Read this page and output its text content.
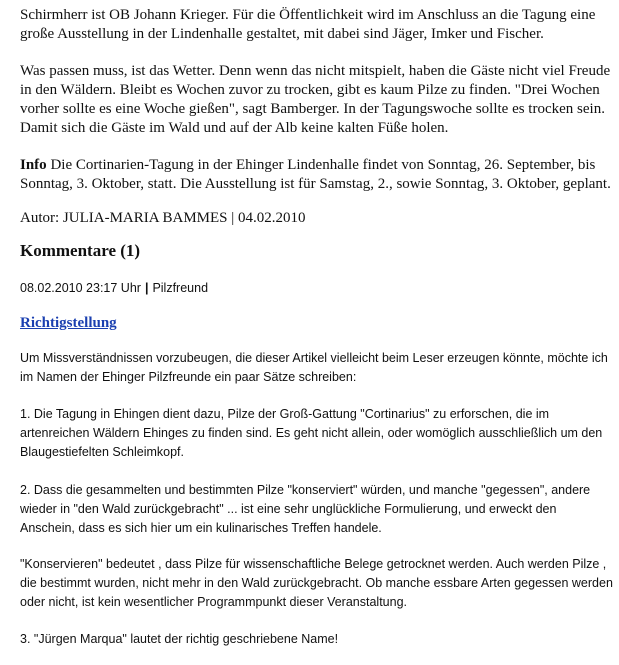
Schirmherr ist OB Johann Krieger. Für die Öffentlichkeit wird im Anschluss an die Tagung eine
große Ausstellung in der Lindenhalle gestaltet, mit dabei sind Jäger, Imker und Fischer.

Was passen muss, ist das Wetter. Denn wenn das nicht mitspielt, haben die Gäste nicht viel Freude
in den Wäldern. Bleibt es Wochen zuvor zu trocken, gibt es kaum Pilze zu finden. "Drei Wochen
vorher sollte es eine Woche gießen", sagt Bamberger. In der Tagungswoche sollte es trocken sein.
Damit sich die Gäste im Wald und auf der Alb keine kalten Füße holen.

Info Die Cortinarien-Tagung in der Ehinger Lindenhalle findet von Sonntag, 26. September, bis
Sonntag, 3. Oktober, statt. Die Ausstellung ist für Samstag, 2., sowie Sonntag, 3. Oktober, geplant.

Autor: JULIA-MARIA BAMMES | 04.02.2010

Kommentare (1)

08.02.2010 23:17 Uhr | Pilzfreund

Richtigstellung

Um Missverständnissen vorzubeugen, die dieser Artikel vielleicht beim Leser erzeugen könnte, möchte ich
im Namen der Ehinger Pilzfreunde ein paar Sätze schreiben:

1. Die Tagung in Ehingen dient dazu, Pilze der Groß-Gattung "Cortinarius" zu erforschen, die im
artenreichen Wäldern Ehinges zu finden sind. Es geht nicht allein, oder womöglich ausschließlich um den
Blaugestiefelten Schleimkopf.

2. Dass die gesammelten und bestimmten Pilze "konserviert" würden, und manche "gegessen", andere
wieder in "den Wald zurückgebracht" ... ist eine sehr unglückliche Formulierung, und erweckt den
Anschein, dass es sich hier um ein kulinarisches Treffen handele.

"Konservieren" bedeutet , dass Pilze für wissenschaftliche Belege getrocknet werden. Auch werden Pilze ,
die bestimmt wurden, nicht mehr in den Wald zurückgebracht. Ob manche essbare Arten gegessen werden
oder nicht, ist kein wesentlicher Programmpunkt dieser Veranstaltung.

3. "Jürgen Marqua" lautet der richtig geschriebene Name!
